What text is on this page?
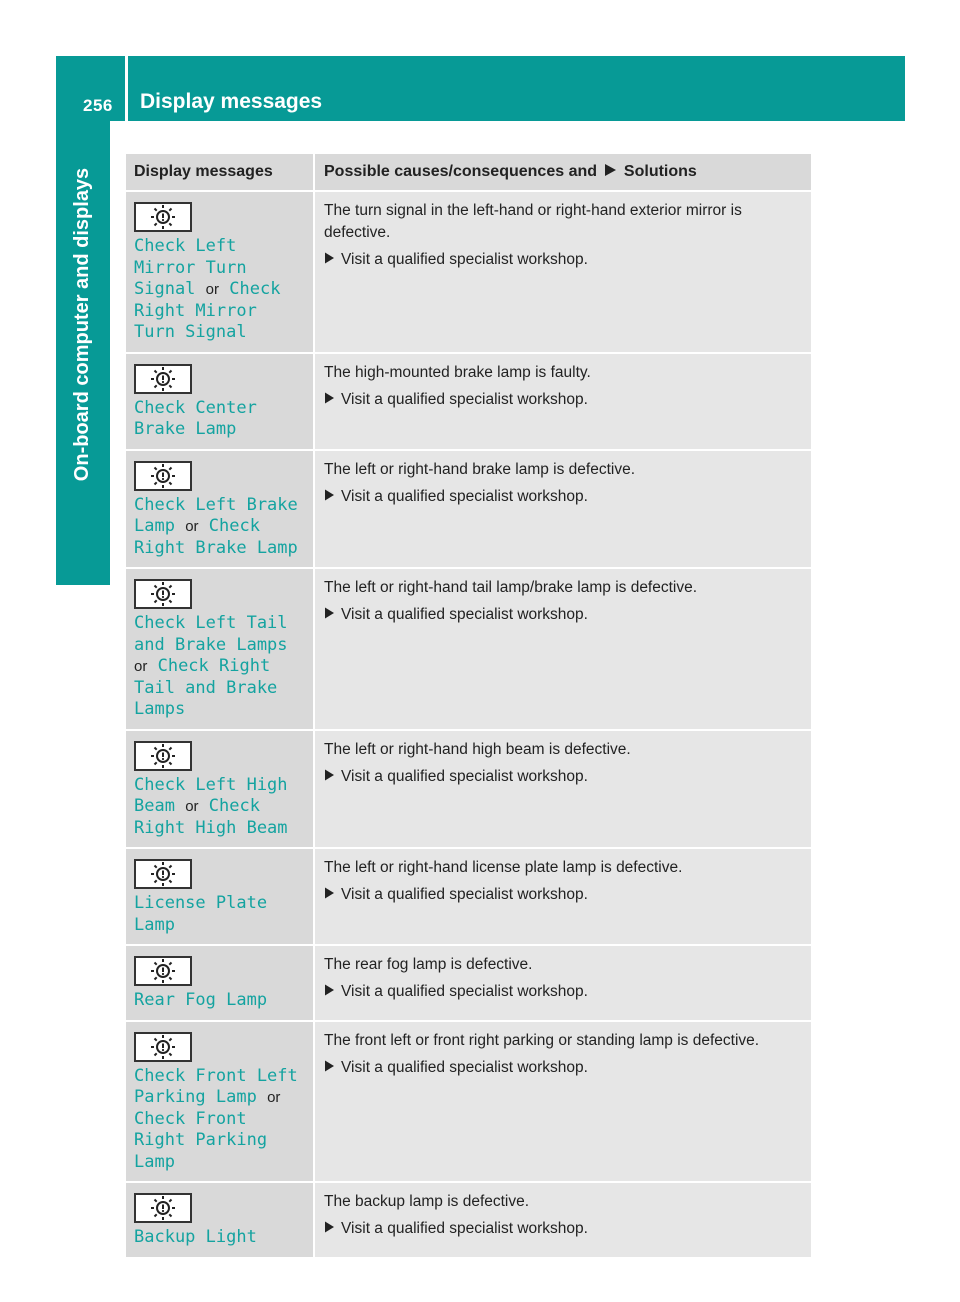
256 Display messages
On-board computer and displays	Display messages	Possible causes/consequences and Solutions

Check Left Mirror Turn Signal or Check Right Mirror Turn Signal	The turn signal in the left-hand or right-hand exterior mirror is defective.

Visit a qualified specialist workshop.

Check Center Brake Lamp	The high-mounted brake lamp is faulty.

Visit a qualified specialist workshop.

Check Left Brake Lamp or Check Right Brake Lamp	The left or right-hand brake lamp is defective.

Visit a qualified specialist workshop.

Check Left Tail and Brake Lamps or Check Right Tail and Brake Lamps	The left or right-hand tail lamp/brake lamp is defective.

Visit a qualified specialist workshop.

Check Left High Beam or Check Right High Beam	The left or right-hand high beam is defective.

Visit a qualified specialist workshop.

License Plate Lamp	The left or right-hand license plate lamp is defective.

Visit a qualified specialist workshop.

Rear Fog Lamp	The rear fog lamp is defective.

Visit a qualified specialist workshop.

Check Front Left Parking Lamp or Check Front Right Parking Lamp	The front left or front right parking or standing lamp is defective.

Visit a qualified specialist workshop.

Backup Light	The backup lamp is defective.

Visit a qualified specialist workshop.
